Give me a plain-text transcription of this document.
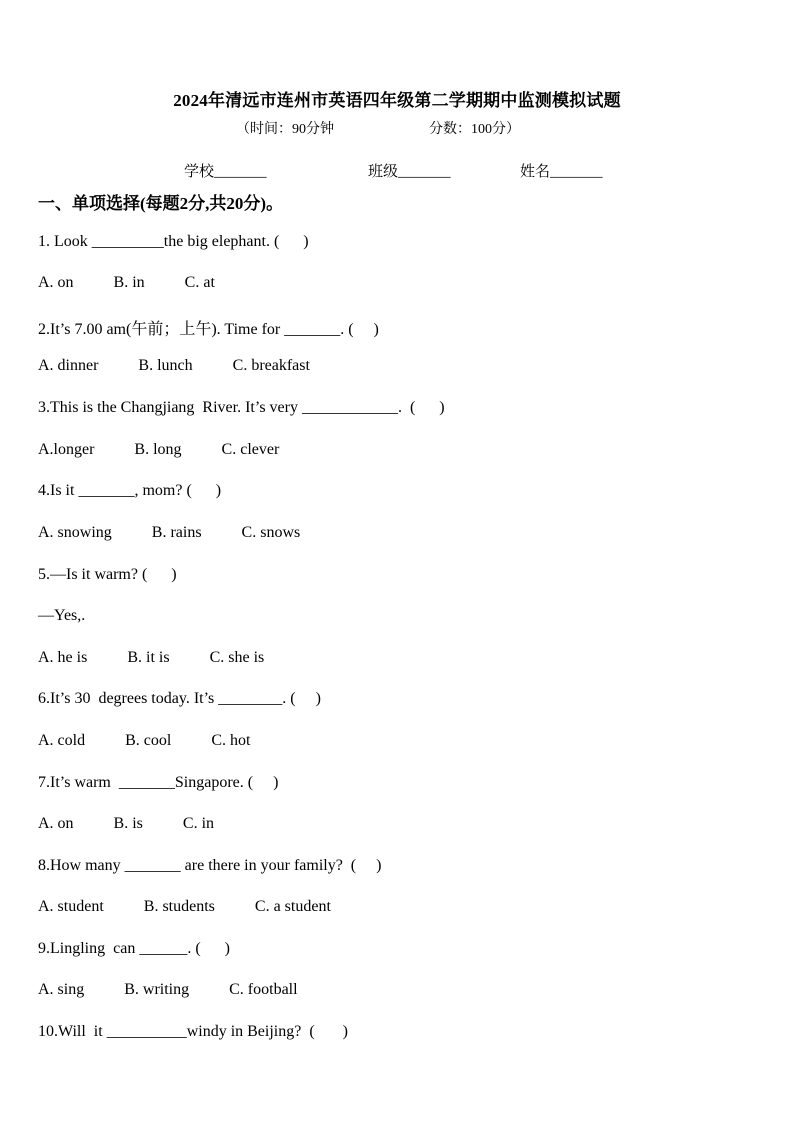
2024年清远市连州市英语四年级第二学期期中监测模拟试题
（时间：90分钟	分数：100分）
学校_______	班级_______	姓名_______
一、单项选择(每题2分,共20分)。
1. Look _________the big elephant. (      )
A. on          B. in          C. at
2.It’s 7.00 am(午前；上午). Time for _______. (     )
A. dinner          B. lunch          C. breakfast
3.This is the Changjiang  River. It’s very ____________.  (      )
A.longer          B. long          C. clever
4.Is it _______, mom? (      )
A. snowing          B. rains          C. snows
5.—Is it warm? (      )
—Yes,.
A. he is          B. it is          C. she is
6.It’s 30  degrees today. It’s ________. (     )
A. cold          B. cool          C. hot
7.It’s warm  _______Singapore. (     )
A. on          B. is          C. in
8.How many _______ are there in your family?  (     )
A. student          B. students          C. a student
9.Lingling  can ______. (      )
A. sing          B. writing          C. football
10.Will  it __________windy in Beijing?  (       )
